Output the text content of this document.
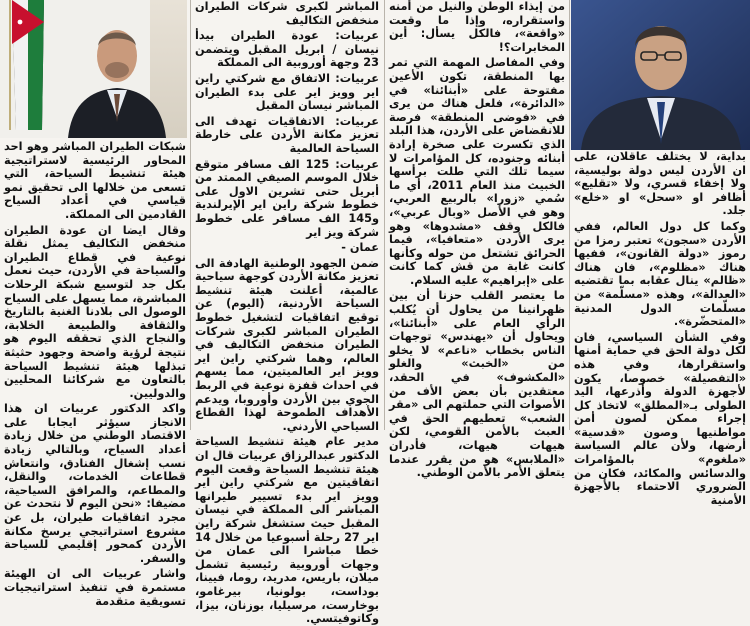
شبكات الطيران المباشر وهو احد المحاور الرئيسية لاستراتيجية هيئة تنشيط السياحة، التي تسعى من خلالها الى تحقيق نمو قياسي في أعداد السياح القادمين الى المملكة.

وقال ايضا ان عودة الطيران منخفض التكاليف يمثل نقلة نوعية في قطاع الطيران والسياحة في الأردن، حيث نعمل بكل جد لتوسيع شبكة الرحلات المباشرة، مما يسهل على السياح الوصول الى بلادنا الغنية بالتاريخ والثقافة والطبيعة الخلابة، والنجاح الذي تحققه اليوم هو نتيجة لرؤية واضحة وجهود حثيثة تبذلها هيئة تنشيط السياحة بالتعاون مع شركائنا المحليين والدوليين.

واكد الدكتور عربيات ان هذا الانجاز سيؤثر ايجابا على الاقتصاد الوطني من خلال زيادة أعداد السياح، وبالتالي زيادة نسب إشغال الفنادق، وانتعاش قطاعات الخدمات، والنقل، والمطاعم، والمرافق السياحية، مضيفا: «نحن اليوم لا نتحدث عن مجرد اتفاقيات طيران، بل عن مشروع استراتيجي يرسخ مكانة الأردن كمحور إقليمي للسياحة والسفر.

واشار عربيات الى ان الهيئة مستمرة في تنفيذ استراتيجيات تسويقية متقدمة

المباشر لكبرى شركات الطيران منخفض التكاليف

عربيات: عودة الطيران بيدأ نيسان / ابريل المقبل ويتضمن 23 وجهة أوروبية الى المملكة

عربيات: الاتفاق مع شركتي راين اير وويز اير على بدء الطيران المباشر نيسان المقبل

عربيات: الاتفاقيات تهدف الى تعزيز مكانة الأردن على خارطة السياحة العالمية

عربيات: 125 الف مسافر متوقع خلال الموسم الصيفي الممتد من أبريل حتى تشرين الاول على خطوط شركة راين اير الإيرلندية و145 الف مسافر على خطوط شركة ويز اير

عمان -

ضمن الجهود الوطنية الهادفة الى تعزيز مكانة الأردن كوجهة سياحية عالمية، أعلنت هيئة تنشيط السياحة الأردنية، (اليوم) عن توقيع اتفاقيات لتشغيل خطوط الطيران المباشر لكبرى شركات الطيران منخفض التكاليف في العالم، وهما شركتي راين اير وويز اير العالميتين، مما يسهم في احداث قفزة نوعية في الربط الجوي بين الأردن وأوروبا، ويدعم الأهداف الطموحة لهذا القطاع السياحي الأردني.

مدير عام هيئة تنشيط السياحة الدكتور عبدالرزاق عربيات قال ان هيئة تنشيط السياحة وقعت اليوم اتفاقيتين مع شركتي راين اير وويز اير بدء تسيير طيرانها المباشر الى المملكة في نيسان المقبل حيث ستشغل شركة راين اير 27 رحلة أسبوعيا من خلال 14 خطا مباشرا الى عمان من وجهات أوروبية رئيسية تشمل ميلان، باريس، مدريد، روما، فيينا، بوداست، بولونيا، بيرغامو، بوخارست، مرسيليا، بوزنان، بيزا، وكاتوفيتسي.

من إيذاء الوطن والنيل من أمنه واستقراره، وإذا ما وقعت «واقعة»، فالكل يسأل: أين المخابرات؟!

وفي المفاصل المهمة التي تمر بها المنطقة، تكون الأعين مفتوحة على «أبنائنا» في «الدائرة»، فلعل هناك من يرى في «فوضى المنطقة» فرصة للانقضاض على الأردن، هذا البلد الذي تكسرت على صخرة إرادة أبنائه وجنوده، كل المؤامرات لا سيما تلك التي طلت برأسها الخبيث منذ العام 2011، أي ما سُمي «زورا» بالربيع العربي، وهو في الأصل «وبال عربي»، فالكل وقف «مشدوها» وهو يرى الأردن «متعافيا»، فيما الحرائق تشتعل من حوله وكأنها كانت غابة من قش كما كانت على «إبراهيم» عليه السلام.

ما يعتصر القلب حزنا أن بين ظهرانينا من يحاول أن يُكلب الرأي العام على «أبنائنا»، ويحاول أن «يهندس» توجهات الناس بخطاب «ناعم» لا يخلو من «الخبث» والغلو «المكشوف» في الحقد، معتقدين بأن بعض الأف من الأصوات التي حملتهم الى «مقر الشعب» تعطيهم الحق في العبث بالأمن القومي، لكن هيهات هيهات، فأدران «الملابس» هو من يقرر عندما يتعلق الأمر بالأمن الوطني.

بداية، لا يختلف عاقلان، على ان الأردن ليس دولة بوليسية، ولا إخفاء قسري، ولا «تقليع» أظافر او «سحل» او «خلع» جلد.

وكما كل دول العالم، ففي الأردن «سجون» تعتبر رمزا من رموز «دولة القانون»، ففيها هناك «مظلوم»، فان هناك «ظالم» ينال عقابه بما تقتضيه «العدالة»، وهذه «مسلّمة» من مسلّمات الدول المدنية «المتحضّرة».

وفي الشأن السياسي، فان لكل دولة الحق في حماية أمنها واستقرارها، وفي هذه «التفصيلة» خصوصا، يكون لأجهزة الدولة وأذرعها، اليد الطولى بـ«المطلق» لاتخاذ كل إجراء ممكن لصون أمن مواطنيها وصون «قدسية» أرضها، ولأن عالم السياسة «ملغوم» بالمؤامرات والدسائس والمكائد، فكان من الضروري الاحتماء بالأجهزة الأمنية
